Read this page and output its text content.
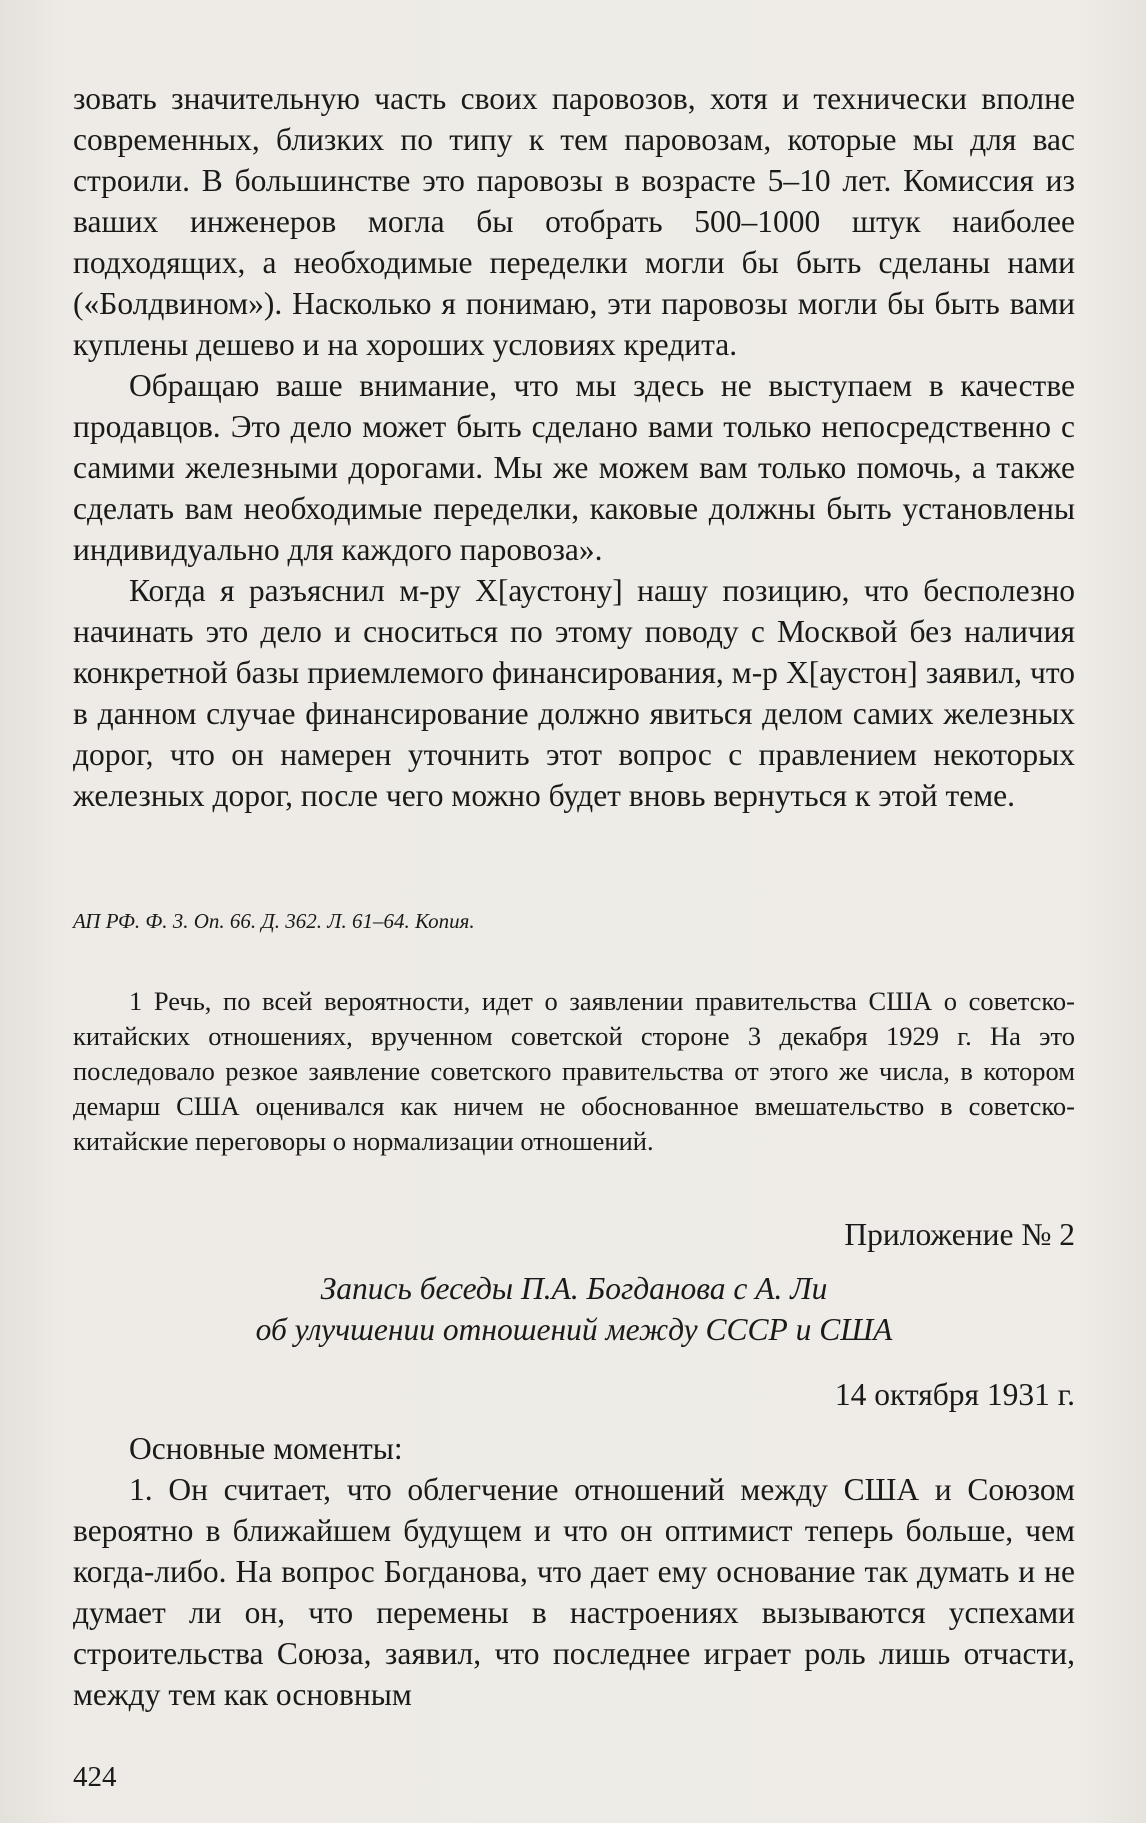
зовать значительную часть своих паровозов, хотя и технически вполне современных, близких по типу к тем паровозам, которые мы для вас строили. В большинстве это паровозы в возрасте 5–10 лет. Комиссия из ваших инженеров могла бы отобрать 500–1000 штук наиболее подходящих, а необходимые переделки могли бы быть сделаны нами («Болдвином»). Насколько я понимаю, эти паровозы могли бы быть вами куплены дешево и на хороших условиях кредита.

Обращаю ваше внимание, что мы здесь не выступаем в качестве продавцов. Это дело может быть сделано вами только непосредственно с самими железными дорогами. Мы же можем вам только помочь, а также сделать вам необходимые переделки, каковые должны быть установлены индивидуально для каждого паровоза».

Когда я разъяснил м-ру Х[аустону] нашу позицию, что бесполезно начинать это дело и сноситься по этому поводу с Москвой без наличия конкретной базы приемлемого финансирования, м-р Х[аустон] заявил, что в данном случае финансирование должно явиться делом самих железных дорог, что он намерен уточнить этот вопрос с правлением некоторых железных дорог, после чего можно будет вновь вернуться к этой теме.

АП РФ. Ф. 3. Оп. 66. Д. 362. Л. 61–64. Копия.

1 Речь, по всей вероятности, идет о заявлении правительства США о советско-китайских отношениях, врученном советской стороне 3 декабря 1929 г. На это последовало резкое заявление советского правительства от этого же числа, в котором демарш США оценивался как ничем не обоснованное вмешательство в советско-китайские переговоры о нормализации отношений.

Приложение № 2
Запись беседы П.А. Богданова с А. Ли
об улучшении отношений между СССР и США
14 октября 1931 г.

Основные моменты:

1. Он считает, что облегчение отношений между США и Союзом вероятно в ближайшем будущем и что он оптимист теперь больше, чем когда-либо. На вопрос Богданова, что дает ему основание так думать и не думает ли он, что перемены в настроениях вызываются успехами строительства Союза, заявил, что последнее играет роль лишь отчасти, между тем как основным

424
